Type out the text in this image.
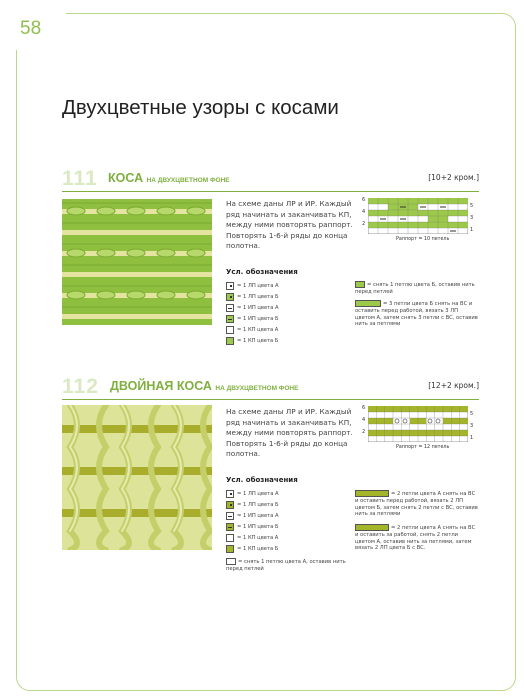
58
Двухцветные узоры с косами
111 КОСА НА ДВУХЦВЕТНОМ ФОНЕ	[10+2 кром.]
На схеме даны ЛР и ИР. Каждый ряд начинать и заканчивать КП, между ними повторять раппорт. Повторять 1-6-й ряды до конца полотна.
6
4
2
5
3
1
Раппорт = 10 петель
Усл. обозначения
= 1 ЛП цвета А
= 1 ЛП цвета Б
= 1 ИП цвета А
= 1 ИП цвета Б
= 1 КП цвета А
= 1 КП цвета Б
= снять 1 петлю цвета Б, оставив нить перед петлей
= 3 петли цвета Б снять на ВС и оставить перед работой, вязать 3 ЛП цветом А, затем снять 3 петли с ВС, оставив нить за петлями
112 ДВОЙНАЯ КОСА НА ДВУХЦВЕТНОМ ФОНЕ	[12+2 кром.]
На схеме даны ЛР и ИР. Каждый ряд начинать и заканчивать КП, между ними повторять раппорт. Повторять 1-6-й ряды до конца полотна.
6
4
2
5
3
1
Раппорт = 12 петель
Усл. обозначения
= 1 ЛП цвета А
= 1 ЛП цвета Б
= 1 ИП цвета А
= 1 ИП цвета Б
= 1 КП цвета А
= 1 КП цвета Б
= снять 1 петлю цвета А, оставив нить перед петлей
= 2 петли цвета А снять на ВС и оставить перед работой, вязать 2 ЛП цветом Б, затем снять 2 петли с ВС, оставив нить за петлями
= 2 петли цвета А снять на ВС и оставить за работой, снять 2 петли цветом А, оставив нить за петлями, затем вязать 2 ЛП цвета Б с ВС.
